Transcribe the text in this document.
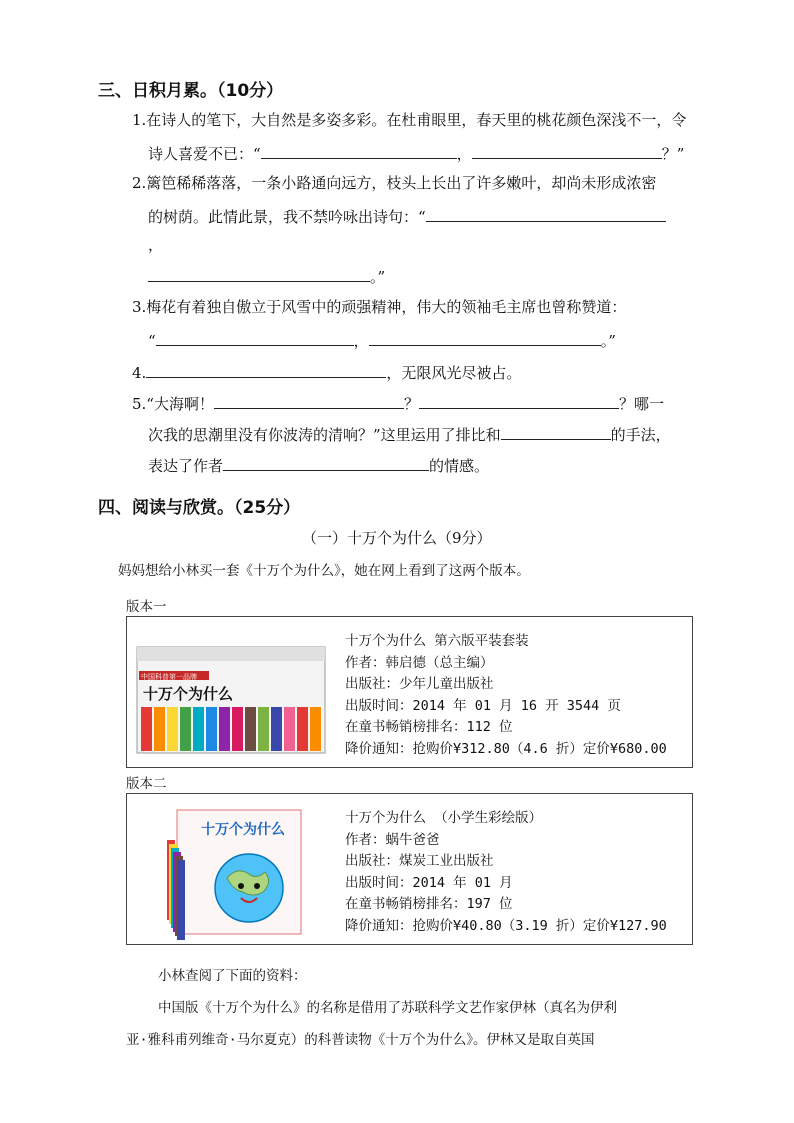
三、日积月累。（10分）
1.在诗人的笔下，大自然是多姿多彩。在杜甫眼里，春天里的桃花颜色深浅不一，令
诗人喜爱不已：“	，	？”
2.篱笆稀稀落落，一条小路通向远方，枝头上长出了许多嫩叶，却尚未形成浓密
的树荫。此情此景，我不禁吟咏出诗句：“
，
。”
3.梅花有着独自傲立于风雪中的顽强精神，伟大的领袖毛主席也曾称赞道：
“	，	。”
4.	，无限风光尽被占。
5.“大海啊！	？	？哪一
次我的思潮里没有你波涛的清响？”这里运用了排比和	的手法，
表达了作者	的情感。
四、阅读与欣赏。（25分）
（一）十万个为什么（9分）
妈妈想给小林买一套《十万个为什么》，她在网上看到了这两个版本。
版本一
中国科普第一品牌
十万个为什么
十万个为什么 第六版平装套装
作者：韩启德（总主编）
出版社：少年儿童出版社
出版时间：2014 年 01 月 16 开 3544 页
在童书畅销榜排名：112 位
降价通知：抢购价¥312.80（4.6 折）定价¥680.00
版本二
十万个为什么
十万个为什么 （小学生彩绘版）
作者：蜗牛爸爸
出版社：煤炭工业出版社
出版时间：2014 年 01 月
在童书畅销榜排名：197 位
降价通知：抢购价¥40.80（3.19 折）定价¥127.90
小林查阅了下面的资料：
中国版《十万个为什么》的名称是借用了苏联科学文艺作家伊林（真名为伊利
亚·雅科甫列维奇·马尔夏克）的科普读物《十万个为什么》。伊林又是取自英国
